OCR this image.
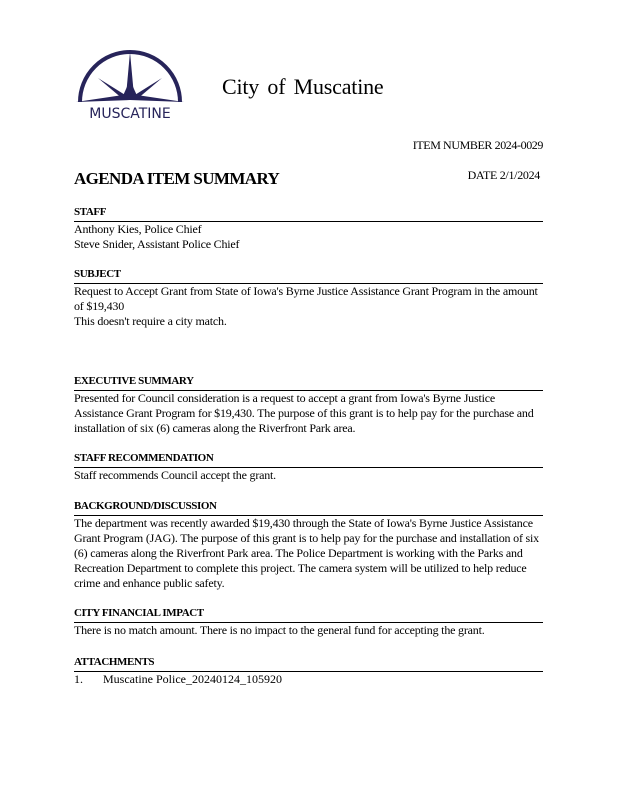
MUSCATINE
City of Muscatine
ITEM NUMBER 2024-0029
DATE 2/1/2024
AGENDA ITEM SUMMARY
STAFF

Anthony Kies, Police Chief

Steve Snider, Assistant Police Chief

SUBJECT

Request to Accept Grant from State of Iowa's Byrne Justice Assistance Grant Program in the amount of $19,430

This doesn't require a city match.

EXECUTIVE SUMMARY

Presented for Council consideration is a request to accept a grant from Iowa's Byrne Justice Assistance Grant Program for $19,430. The purpose of this grant is to help pay for the purchase and installation of six (6) cameras along the Riverfront Park area.

STAFF RECOMMENDATION

Staff recommends Council accept the grant.

BACKGROUND/DISCUSSION

The department was recently awarded $19,430 through the State of Iowa's Byrne Justice Assistance Grant Program (JAG). The purpose of this grant is to help pay for the purchase and installation of six (6) cameras along the Riverfront Park area. The Police Department is working with the Parks and Recreation Department to complete this project. The camera system will be utilized to help reduce crime and enhance public safety.

CITY FINANCIAL IMPACT

There is no match amount. There is no impact to the general fund for accepting the grant.

ATTACHMENTS
1.	Muscatine Police_20240124_105920
